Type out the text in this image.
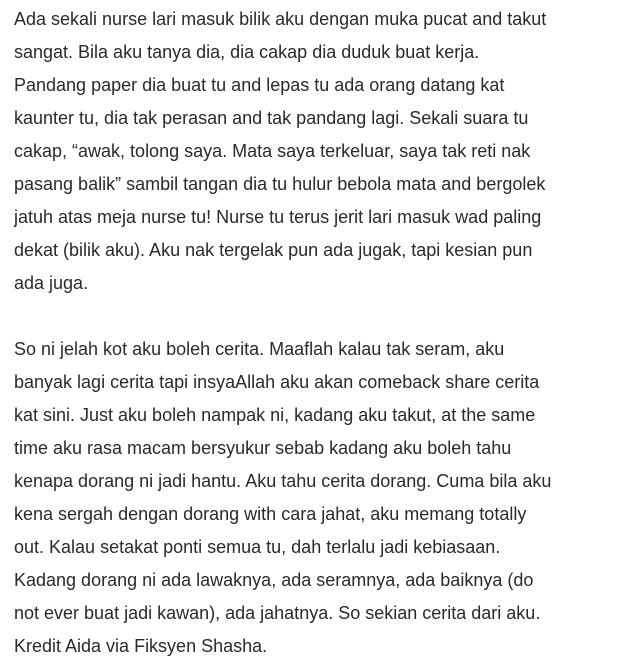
Ada sekali nurse lari masuk bilik aku dengan muka pucat and takut
sangat. Bila aku tanya dia, dia cakap dia duduk buat kerja.
Pandang paper dia buat tu and lepas tu ada orang datang kat
kaunter tu, dia tak perasan and tak pandang lagi. Sekali suara tu
cakap, “awak, tolong saya. Mata saya terkeluar, saya tak reti nak
pasang balik” sambil tangan dia tu hulur bebola mata and bergolek
jatuh atas meja nurse tu! Nurse tu terus jerit lari masuk wad paling
dekat (bilik aku). Aku nak tergelak pun ada jugak, tapi kesian pun
ada juga.

So ni jelah kot aku boleh cerita. Maaflah kalau tak seram, aku
banyak lagi cerita tapi insyaAllah aku akan comeback share cerita
kat sini. Just aku boleh nampak ni, kadang aku takut, at the same
time aku rasa macam bersyukur sebab kadang aku boleh tahu
kenapa dorang ni jadi hantu. Aku tahu cerita dorang. Cuma bila aku
kena sergah dengan dorang with cara jahat, aku memang totally
out. Kalau setakat ponti semua tu, dah terlalu jadi kebiasaan.
Kadang dorang ni ada lawaknya, ada seramnya, ada baiknya (do
not ever buat jadi kawan), ada jahatnya. So sekian cerita dari aku.
Kredit Aida via Fiksyen Shasha.
